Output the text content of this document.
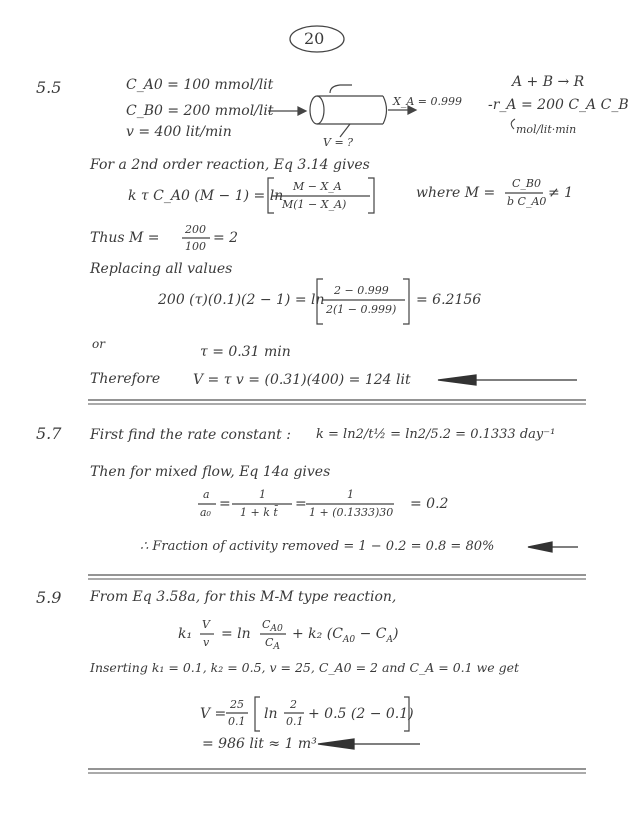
20
5.5	C_A0 = 100 mmol/lit
C_B0 = 200 mmol/lit
v = 400 lit/min
A + B → R
-r_A = 200 C_A C_B
mol/lit·min
X_A = 0.999
V = ?
For a 2nd order reaction, Eq 3.14 gives
k τ C_A0 (M − 1) = ln
M − X_A
M(1 − X_A)
where M =
C_B0
b C_A0
≠ 1
Thus M =
200
100
= 2
Replacing all values
200 (τ)(0.1)(2 − 1) = ln
2 − 0.999
2(1 − 0.999)
= 6.2156
or	τ = 0.31 min
Therefore V = τ v = (0.31)(400) = 124 lit
5.7 First find the rate constant : k = ln2/t½ = ln2/5.2 = 0.1333 day⁻¹
Then for mixed flow, Eq 14a gives
a
a₀
=
1
1 + k t̄
=
1
1 + (0.1333)30
= 0.2
∴ Fraction of activity removed = 1 − 0.2 = 0.8 = 80%
5.9 From Eq 3.58a, for this M-M type reaction,
k₁
V
v
= ln
$C_{A0}$
$C_A$
+ k₂ $(C_{A0} - C_A)$
Inserting k₁ = 0.1, k₂ = 0.5, v = 25, C_A0 = 2 and C_A = 0.1 we get
V =
25
0.1 ln
2
0.1 + 0.5 (2 − 0.1)
= 986 lit ≈ 1 m³
